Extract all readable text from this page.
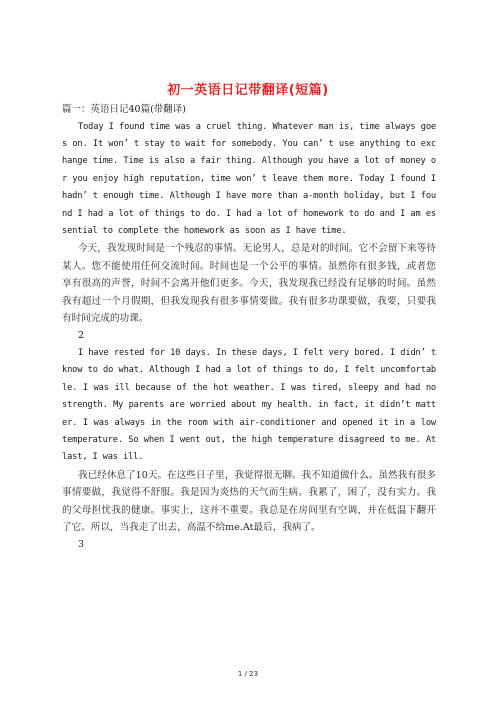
初一英语日记带翻译(短篇)

篇一：英语日记40篇(带翻译)

Today I found time was a cruel thing. Whatever man is, time always goes on. It won’ t stay to wait for somebody. You can’ t use anything to exchange time. Time is also a fair thing. Although you have a lot of money or you enjoy high reputation, time won’ t leave them more. Today I found I hadn’ t enough time. Although I have more than a-month holiday, but I found I had a lot of things to do. I had a lot of homework to do and I am essential to complete the homework as soon as I have time.

今天，我发现时间是一个残忍的事情。无论男人，总是对的时间。它不会留下来等待某人。您不能使用任何交流时间。时间也是一个公平的事情。虽然你有很多钱，或者您享有很高的声誉，时间不会离开他们更多。今天，我发现我已经没有足够的时间。虽然我有超过一个月假期，但我发现我有很多事情要做。我有很多功课要做，我要，只要我有时间完成的功课。

2

I have rested for 10 days. In these days, I felt very bored. I didn’ t know to do what. Although I had a lot of things to do, I felt uncomfortable. I was ill because of the hot weather. I was tired, sleepy and had no strength. My parents are worried about my health. in fact, it didn’t matter. I was always in the room with air-conditioner and opened it in a low temperature. So when I went out, the high temperature disagreed to me. At last, I was ill.

我已经休息了10天。在这些日子里，我觉得很无聊。我不知道做什么。虽然我有很多事情要做，我觉得不舒服。我是因为炎热的天气而生病。我累了，困了，没有实力。我的父母担忧我的健康。事实上，这并不重要。我总是在房间里有空调，并在低温下翻开了它。所以，当我走了出去，高温不给me.At最后，我病了。

3

1 / 23
